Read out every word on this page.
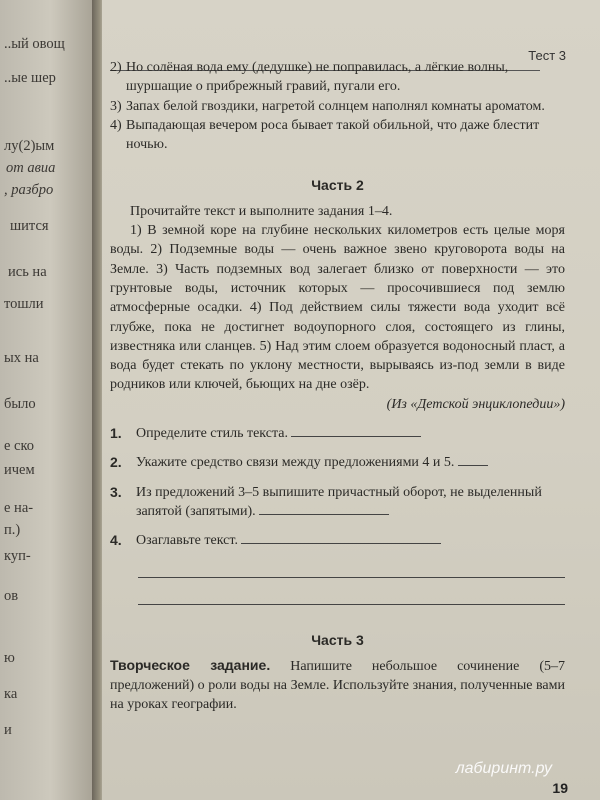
..ый овощ
..ые шер
лу(2)ым
от авиа
, разбро
шится
ись на
тошли
ых на
было
е ско
ичем
е на-
п.)
куп-
ов
ю
ка
и
Тест 3
2) Но солёная вода ему (дедушке) не поправилась, а лёгкие волны, шуршащие о прибрежный гравий, пугали его.
3) Запах белой гвоздики, нагретой солнцем наполнял комнаты ароматом.
4) Выпадающая вечером роса бывает такой обильной, что даже блестит ночью.
Часть 2

Прочитайте текст и выполните задания 1–4.

1) В земной коре на глубине нескольких километров есть целые моря воды. 2) Подземные воды — очень важное звено круговорота воды на Земле. 3) Часть подземных вод залегает близко от поверхности — это грунтовые воды, источник которых — просочившиеся под землю атмосферные осадки. 4) Под действием силы тяжести вода уходит всё глубже, пока не достигнет водоупорного слоя, состоящего из глины, известняка или сланцев. 5) Над этим слоем образуется водоносный пласт, а вода будет стекать по уклону местности, вырываясь из-под земли в виде родников или ключей, бьющих на дне озёр.

(Из «Детской энциклопедии»)

1.	Определите стиль текста.
2.	Укажите средство связи между предложениями 4 и 5.
3.	Из предложений 3–5 выпишите причастный оборот, не выделенный запятой (запятыми).
4.	Озаглавьте текст.
Часть 3

Творческое задание. Напишите небольшое сочинение (5–7 предложений) о роли воды на Земле. Используйте знания, полученные вами на уроках географии.

лабиринт.ру
19
